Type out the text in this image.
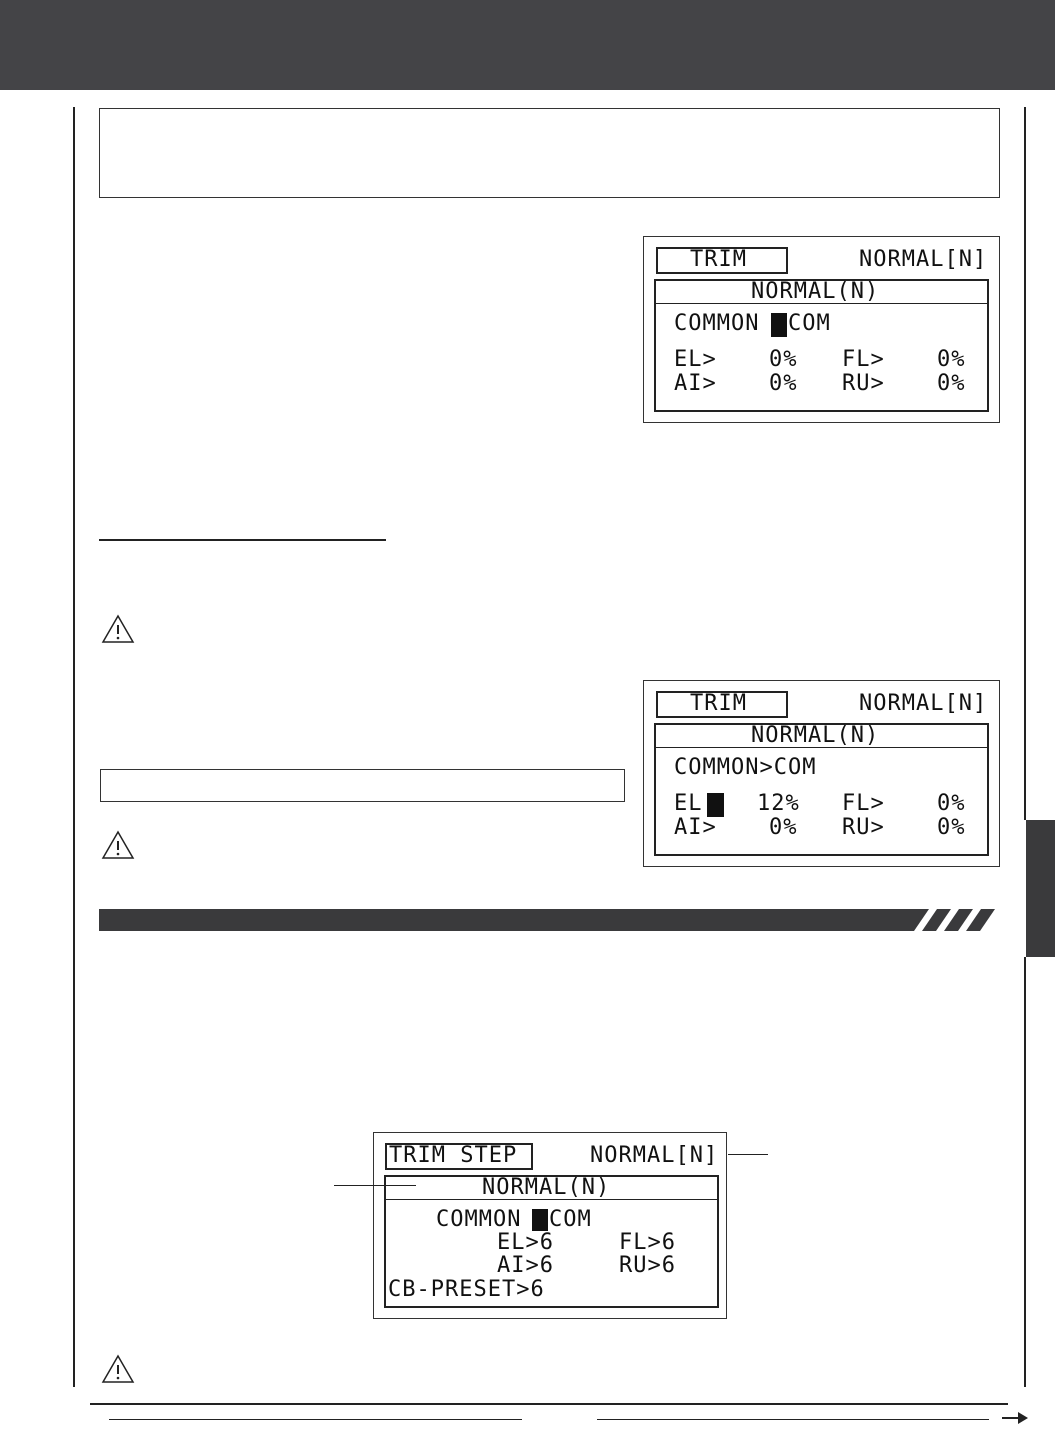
TRIM	NORMAL[N]
NORMAL(N)
COMMON COM
EL> 0% FL> 0%
AI> 0% RU> 0%
TRIM	NORMAL[N]
NORMAL(N)
COMMON>COM
EL 12% FL> 0%
AI> 0% RU> 0%
TRIM STEP	NORMAL[N]
NORMAL(N)
COMMON COM
EL>6	FL>6
AI>6	RU>6
CB-PRESET>6
